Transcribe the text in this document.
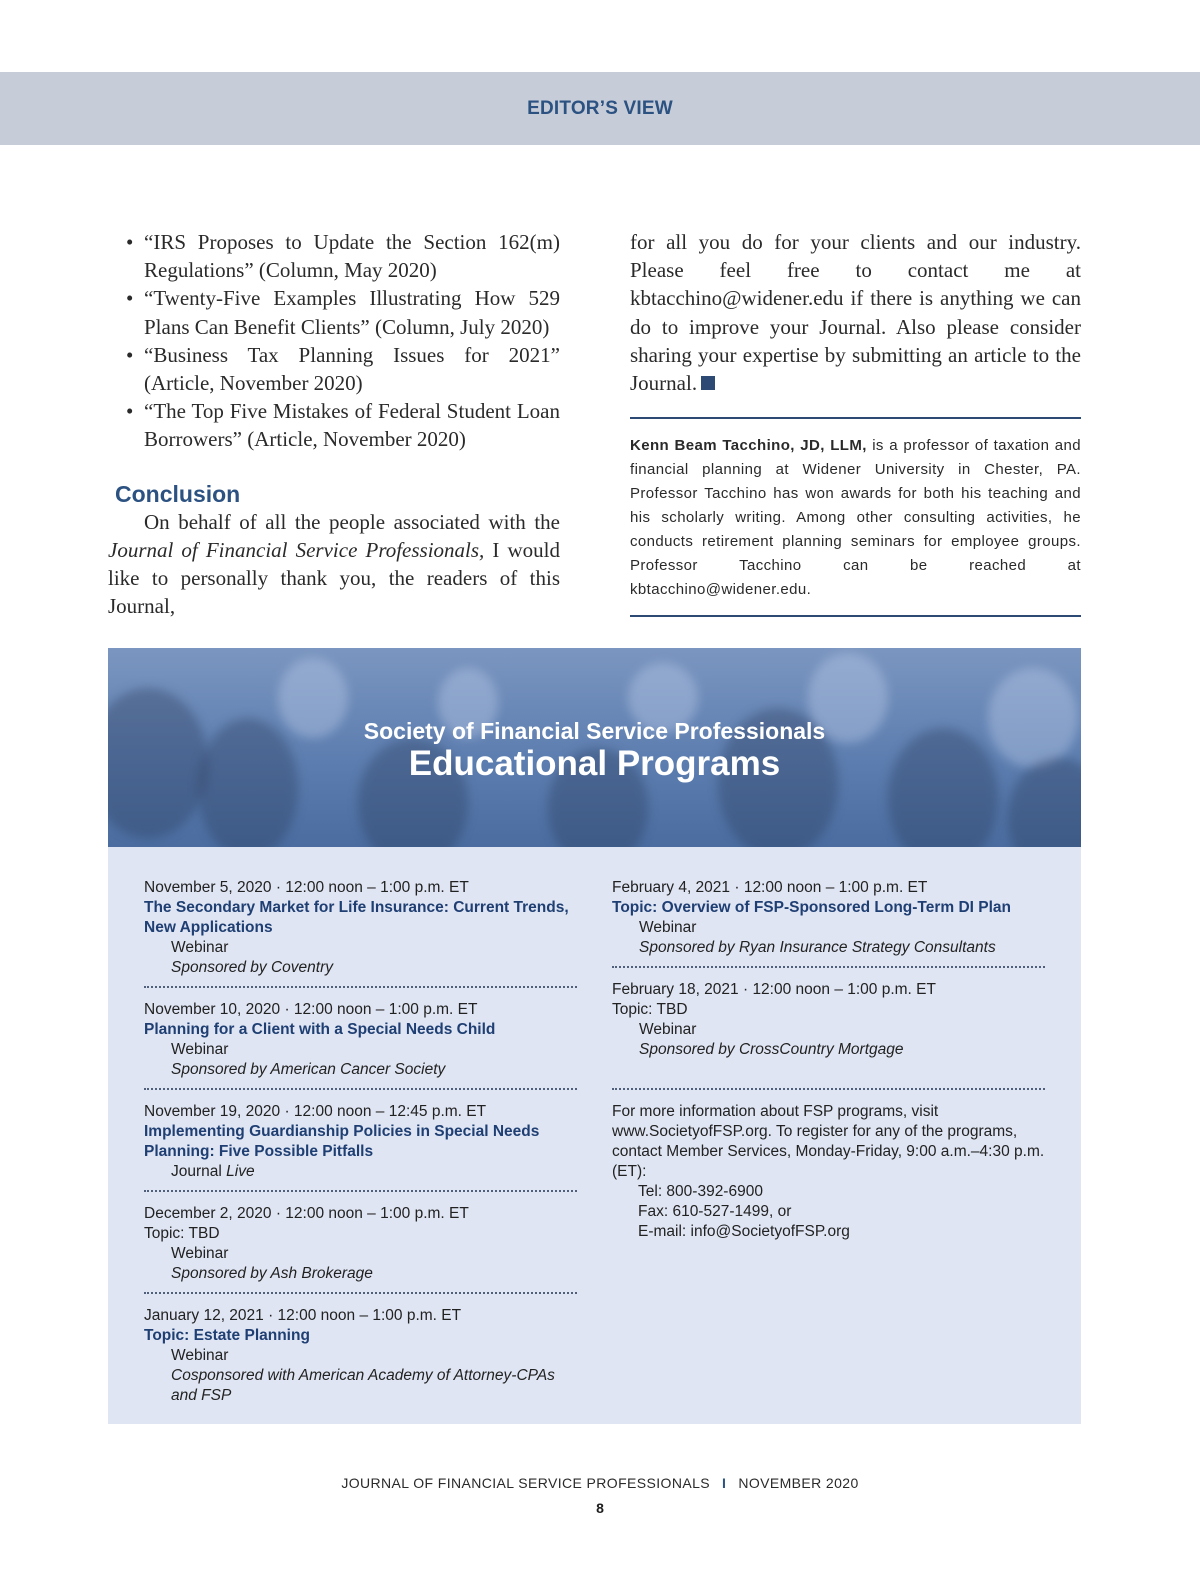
EDITOR’S VIEW
• “IRS Proposes to Update the Section 162(m) Regulations” (Column, May 2020)
• “Twenty-Five Examples Illustrating How 529 Plans Can Benefit Clients” (Column, July 2020)
• “Business Tax Planning Issues for 2021” (Article, November 2020)
• “The Top Five Mistakes of Federal Student Loan Borrowers” (Article, November 2020)
Conclusion

On behalf of all the people associated with the Journal of Financial Service Professionals, I would like to personally thank you, the readers of this Journal,

for all you do for your clients and our industry. Please feel free to contact me at kbtacchino@widener.edu if there is anything we can do to improve your Journal. Also please consider sharing your expertise by submitting an article to the Journal.

Kenn Beam Tacchino, JD, LLM, is a professor of taxation and financial planning at Widener University in Chester, PA. Professor Tacchino has won awards for both his teaching and his scholarly writing. Among other consulting activities, he conducts retirement planning seminars for employee groups. Professor Tacchino can be reached at kbtacchino@widener.edu.
Society of Financial Service Professionals
Educational Programs
November 5, 2020 · 12:00 noon – 1:00 p.m. ET
The Secondary Market for Life Insurance: Current Trends, New Applications
Webinar
Sponsored by Coventry
November 10, 2020 · 12:00 noon – 1:00 p.m. ET
Planning for a Client with a Special Needs Child
Webinar
Sponsored by American Cancer Society
November 19, 2020 · 12:00 noon – 12:45 p.m. ET
Implementing Guardianship Policies in Special Needs Planning: Five Possible Pitfalls
Journal Live
December 2, 2020 · 12:00 noon – 1:00 p.m. ET
Topic: TBD
Webinar
Sponsored by Ash Brokerage
January 12, 2021 · 12:00 noon – 1:00 p.m. ET
Topic: Estate Planning
Webinar
Cosponsored with American Academy of Attorney-CPAs and FSP
February 4, 2021 · 12:00 noon – 1:00 p.m. ET
Topic: Overview of FSP-Sponsored Long-Term DI Plan
Webinar
Sponsored by Ryan Insurance Strategy Consultants
February 18, 2021 · 12:00 noon – 1:00 p.m. ET
Topic: TBD
Webinar
Sponsored by CrossCountry Mortgage
For more information about FSP programs, visit www.SocietyofFSP.org. To register for any of the programs, contact Member Services, Monday-Friday, 9:00 a.m.–4:30 p.m. (ET):
Tel: 800-392-6900
Fax: 610-527-1499, or
E-mail: info@SocietyofFSP.org
JOURNAL OF FINANCIAL SERVICE PROFESSIONALS I NOVEMBER 2020
8
